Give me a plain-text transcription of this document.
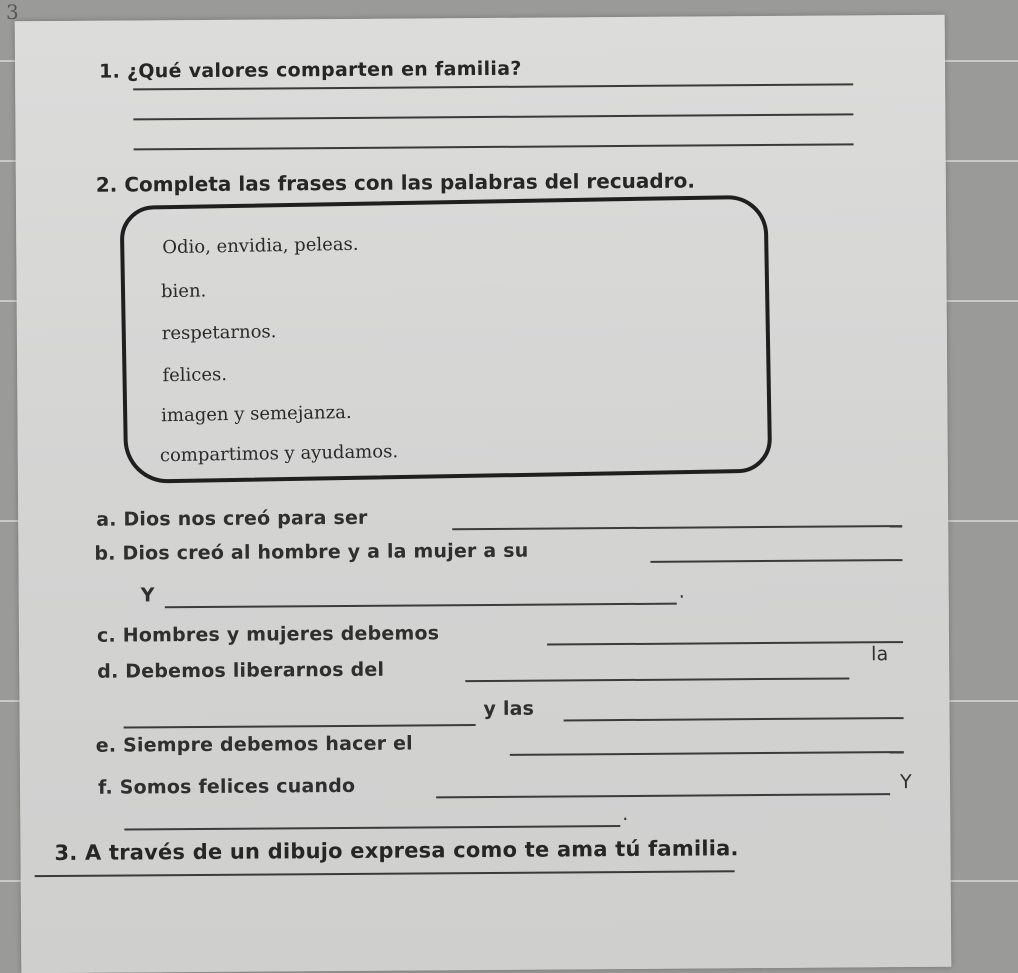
3
1. ¿Qué valores comparten en familia?
2. Completa las frases con las palabras del recuadro.
Odio, envidia, peleas.
bien.
respetarnos.
felices.
imagen y semejanza.
compartimos y ayudamos.
a. Dios nos creó para ser
b. Dios creó al hombre y a la mujer a su
Y	.
c. Hombres y mujeres debemos
d. Debemos liberarnos del
la
y las
e. Siempre debemos hacer el
f. Somos felices cuando	Y
.
3. A través de un dibujo expresa como te ama tú familia.
